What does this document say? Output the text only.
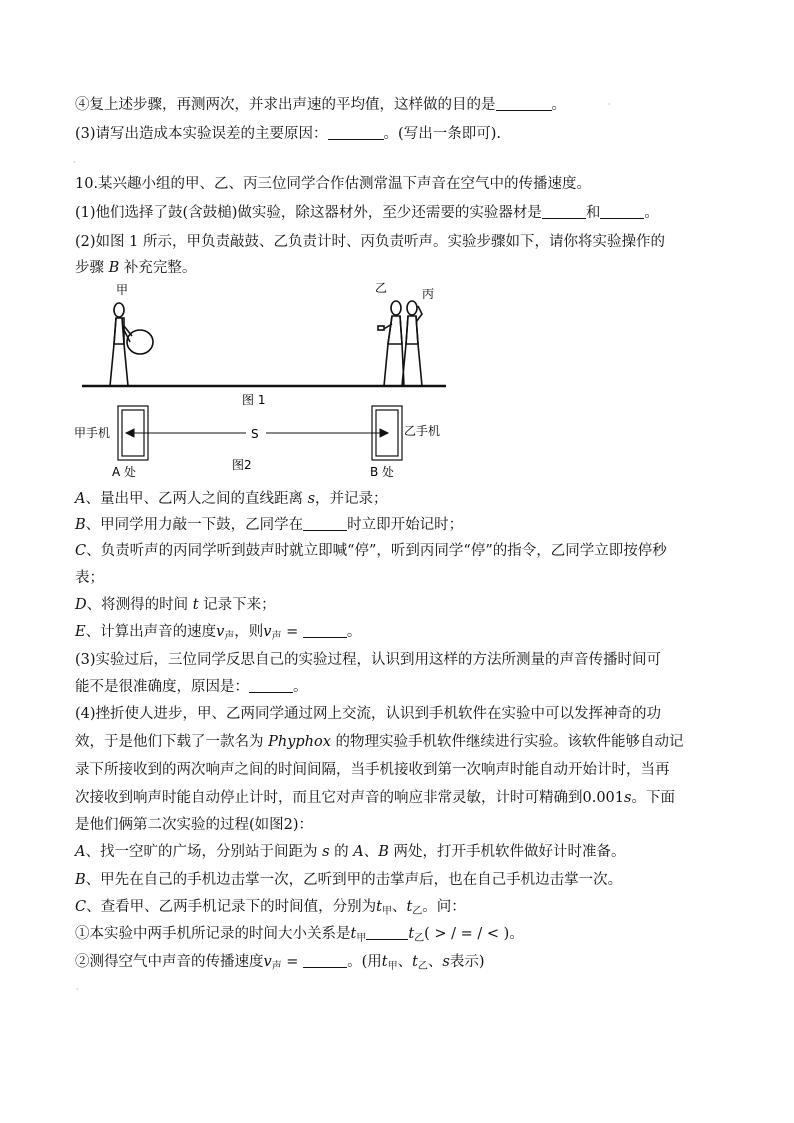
④复上述步骤，再测两次，并求出声速的平均值，这样做的目的是	。
(3)请写出造成本实验误差的主要原因：	。(写出一条即可).
·
·
10.某兴趣小组的甲、乙、丙三位同学合作估测常温下声音在空气中的传播速度。
(1)他们选择了鼓(含鼓槌)做实验，除这器材外，至少还需要的实验器材是	和	。
(2)如图 1 所示，甲负责敲鼓、乙负责计时、丙负责听声。实验步骤如下，请你将实验操作的
步骤 B 补充完整。
甲	乙	丙
图 1
甲手机	乙手机
S
A 处	B 处
图2
A、量出甲、乙两人之间的直线距离 s，并记录；
B、甲同学用力敲一下鼓，乙同学在	时立即开始记时；
C、负责听声的丙同学听到鼓声时就立即喊“停”，听到丙同学“停”的指令，乙同学立即按停秒
表；
D、将测得的时间 t 记录下来；
E、计算出声音的速度$v_声$，则$v_声$ =	。
(3)实验过后，三位同学反思自己的实验过程，认识到用这样的方法所测量的声音传播时间可
能不是很准确度，原因是：	。
(4)挫折使人进步，甲、乙两同学通过网上交流，认识到手机软件在实验中可以发挥神奇的功
效，于是他们下载了一款名为 Phyphox 的物理实验手机软件继续进行实验。该软件能够自动记
录下所接收到的两次响声之间的时间间隔，当手机接收到第一次响声时能自动开始计时，当再
次接收到响声时能自动停止计时，而且它对声音的响应非常灵敏，计时可精确到0.001s。下面
是他们俩第二次实验的过程(如图2)：
A、找一空旷的广场，分别站于间距为 s 的 A、B 两处，打开手机软件做好计时准备。
B、甲先在自己的手机边击掌一次，乙听到甲的击掌声后，也在自己手机边击掌一次。
C、查看甲、乙两手机记录下的时间值，分别为$t_甲$、$t_乙$。问：
①本实验中两手机所记录的时间大小关系是$t_甲$	$t_乙$( > / = / < )。
②测得空气中声音的传播速度$v_声$ =	。(用$t_甲$、$t_乙$、s表示)
·
